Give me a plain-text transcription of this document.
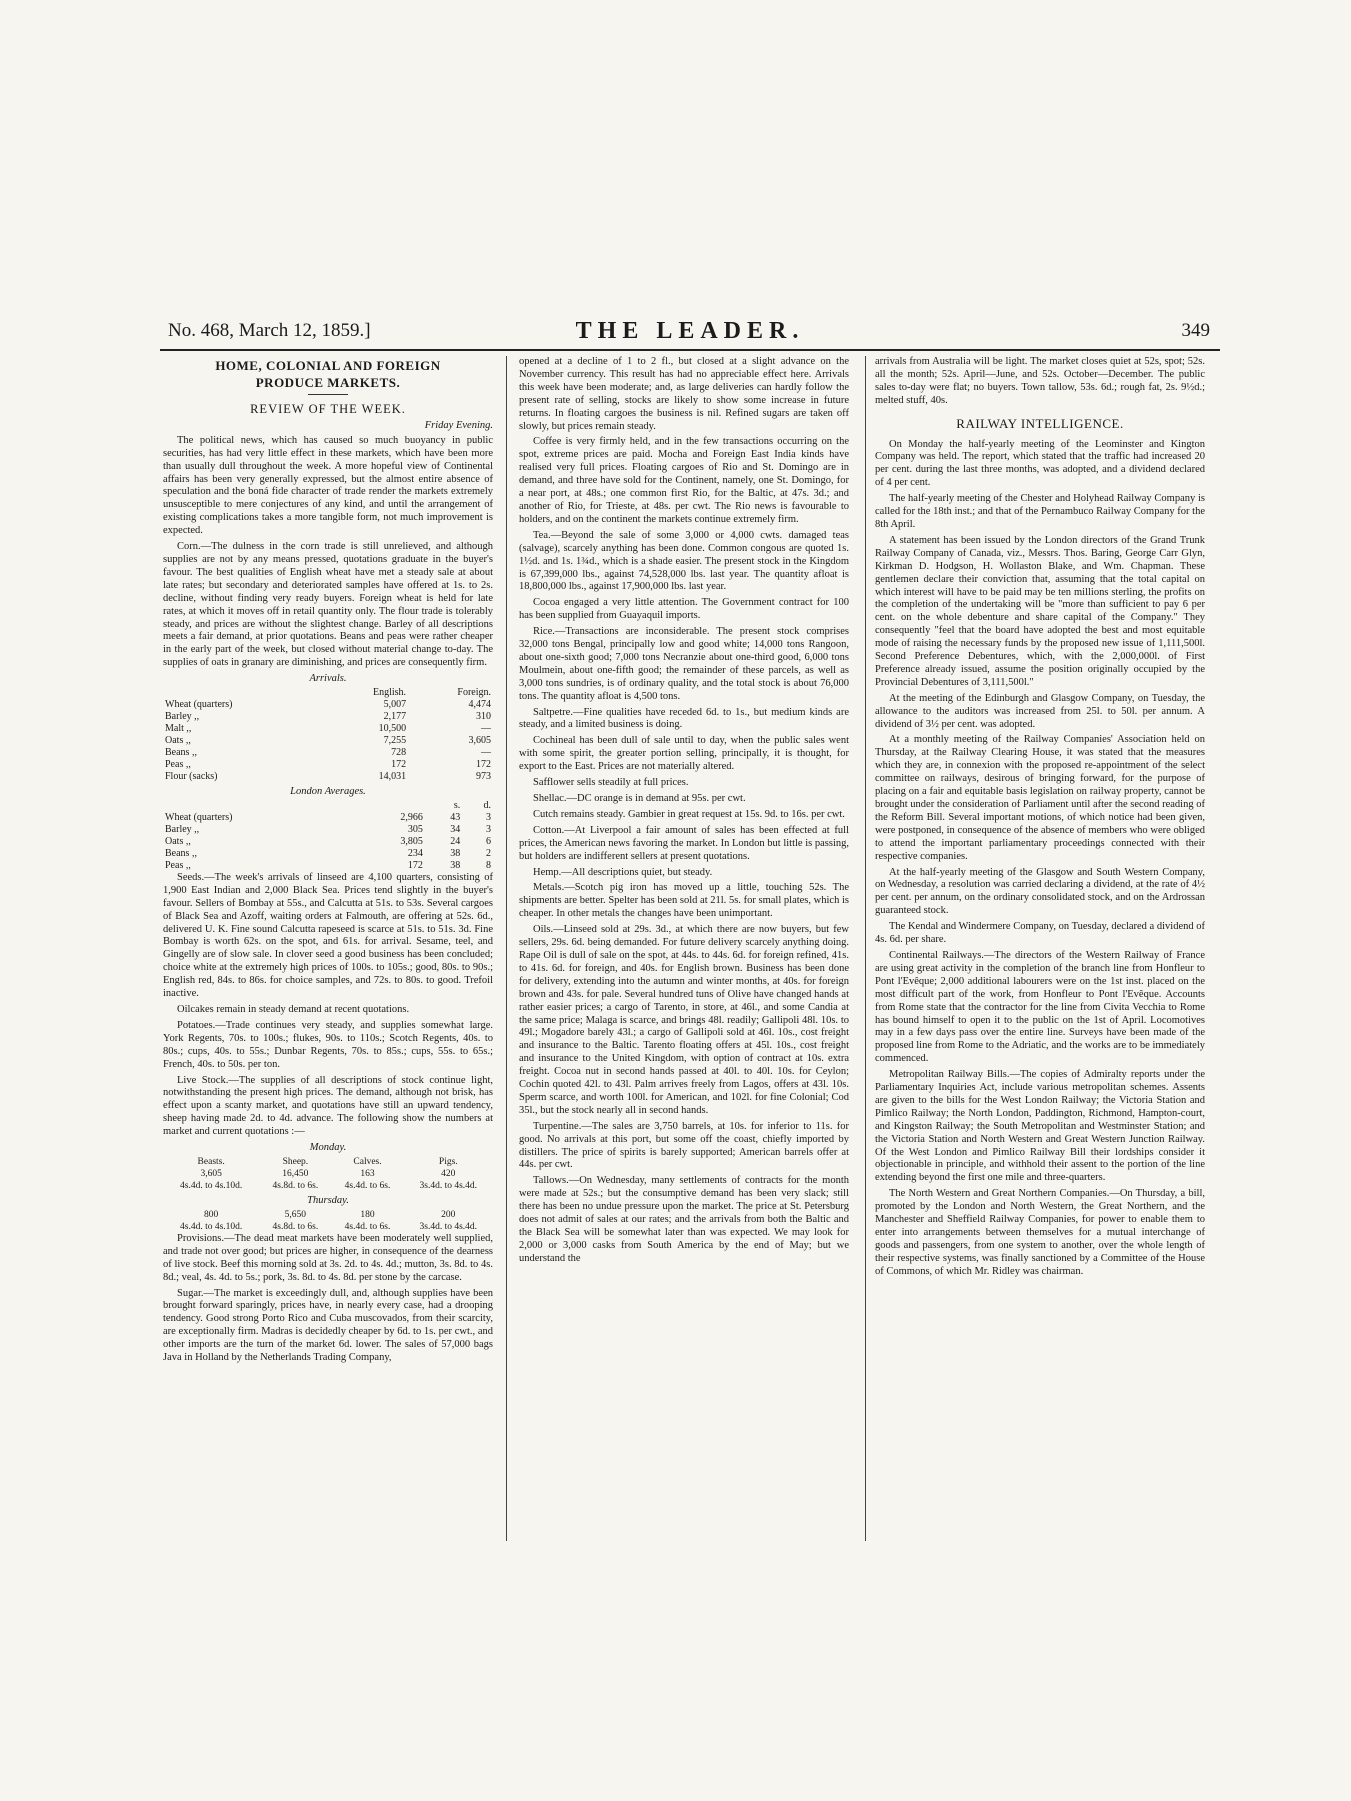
No. 468, March 12, 1859.]	THE LEADER.	349
HOME, COLONIAL AND FOREIGN
PRODUCE MARKETS.
REVIEW OF THE WEEK.
Friday Evening.

The political news, which has caused so much buoyancy in public securities, has had very little effect in these markets, which have been more than usually dull throughout the week. A more hopeful view of Continental affairs has been very generally expressed, but the almost entire absence of speculation and the boná fide character of trade render the markets extremely unsusceptible to mere conjectures of any kind, and until the arrangement of existing complications takes a more tangible form, not much improvement is expected.

Corn.—The dulness in the corn trade is still unrelieved, and although supplies are not by any means pressed, quotations graduate in the buyer's favour. The best qualities of English wheat have met a steady sale at about late rates; but secondary and deteriorated samples have offered at 1s. to 2s. decline, without finding very ready buyers. Foreign wheat is held for late rates, at which it moves off in retail quantity only. The flour trade is tolerably steady, and prices are without the slightest change. Barley of all descriptions meets a fair demand, at prior quotations. Beans and peas were rather cheaper in the early part of the week, but closed without material change to-day. The supplies of oats in granary are diminishing, and prices are consequently firm.

Arrivals.
	English.	Foreign.
Wheat (quarters)	5,007	4,474
Barley ,,	2,177	310
Malt ,,	10,500	—
Oats ,,	7,255	3,605
Beans ,,	728	—
Peas ,,	172	172
Flour (sacks)	14,031	973
London Averages.
		s.	d.
Wheat (quarters)	2,966	43	3
Barley ,,	305	34	3
Oats ,,	3,805	24	6
Beans ,,	234	38	2
Peas ,,	172	38	8

Seeds.—The week's arrivals of linseed are 4,100 quarters, consisting of 1,900 East Indian and 2,000 Black Sea. Prices tend slightly in the buyer's favour. Sellers of Bombay at 55s., and Calcutta at 51s. to 53s. Several cargoes of Black Sea and Azoff, waiting orders at Falmouth, are offering at 52s. 6d., delivered U. K. Fine sound Calcutta rapeseed is scarce at 51s. to 51s. 3d. Fine Bombay is worth 62s. on the spot, and 61s. for arrival. Sesame, teel, and Gingelly are of slow sale. In clover seed a good business has been concluded; choice white at the extremely high prices of 100s. to 105s.; good, 80s. to 90s.; English red, 84s. to 86s. for choice samples, and 72s. to 80s. to good. Trefoil inactive.

Oilcakes remain in steady demand at recent quotations.

Potatoes.—Trade continues very steady, and supplies somewhat large. York Regents, 70s. to 100s.; flukes, 90s. to 110s.; Scotch Regents, 40s. to 80s.; cups, 40s. to 55s.; Dunbar Regents, 70s. to 85s.; cups, 55s. to 65s.; French, 40s. to 50s. per ton.

Live Stock.—The supplies of all descriptions of stock continue light, notwithstanding the present high prices. The demand, although not brisk, has effect upon a scanty market, and quotations have still an upward tendency, sheep having made 2d. to 4d. advance. The following show the numbers at market and current quotations :—

Monday.
Beasts.	Sheep.	Calves.	Pigs.
3,605	16,450	163	420
4s.4d. to 4s.10d.	4s.8d. to 6s.	4s.4d. to 6s.	3s.4d. to 4s.4d.
Thursday.
800	5,650	180	200
4s.4d. to 4s.10d.	4s.8d. to 6s.	4s.4d. to 6s.	3s.4d. to 4s.4d.

Provisions.—The dead meat markets have been moderately well supplied, and trade not over good; but prices are higher, in consequence of the dearness of live stock. Beef this morning sold at 3s. 2d. to 4s. 4d.; mutton, 3s. 8d. to 4s. 8d.; veal, 4s. 4d. to 5s.; pork, 3s. 8d. to 4s. 8d. per stone by the carcase.

Sugar.—The market is exceedingly dull, and, although supplies have been brought forward sparingly, prices have, in nearly every case, had a drooping tendency. Good strong Porto Rico and Cuba muscovados, from their scarcity, are exceptionally firm. Madras is decidedly cheaper by 6d. to 1s. per cwt., and other imports are the turn of the market 6d. lower. The sales of 57,000 bags Java in Holland by the Netherlands Trading Company,

opened at a decline of 1 to 2 fl., but closed at a slight advance on the November currency. This result has had no appreciable effect here. Arrivals this week have been moderate; and, as large deliveries can hardly follow the present rate of selling, stocks are likely to show some increase in future returns. In floating cargoes the business is nil. Refined sugars are taken off slowly, but prices remain steady.

Coffee is very firmly held, and in the few transactions occurring on the spot, extreme prices are paid. Mocha and Foreign East India kinds have realised very full prices. Floating cargoes of Rio and St. Domingo are in demand, and three have sold for the Continent, namely, one St. Domingo, for a near port, at 48s.; one common first Rio, for the Baltic, at 47s. 3d.; and another of Rio, for Trieste, at 48s. per cwt. The Rio news is favourable to holders, and on the continent the markets continue extremely firm.

Tea.—Beyond the sale of some 3,000 or 4,000 cwts. damaged teas (salvage), scarcely anything has been done. Common congous are quoted 1s. 1½d. and 1s. 1¾d., which is a shade easier. The present stock in the Kingdom is 67,399,000 lbs., against 74,528,000 lbs. last year. The quantity afloat is 18,800,000 lbs., against 17,900,000 lbs. last year.

Cocoa engaged a very little attention. The Government contract for 100 has been supplied from Guayaquil imports.

Rice.—Transactions are inconsiderable. The present stock comprises 32,000 tons Bengal, principally low and good white; 14,000 tons Rangoon, about one-sixth good; 7,000 tons Necranzie about one-third good, 6,000 tons Moulmein, about one-fifth good; the remainder of these parcels, as well as 3,000 tons sundries, is of ordinary quality, and the total stock is about 76,000 tons. The quantity afloat is 4,500 tons.

Saltpetre.—Fine qualities have receded 6d. to 1s., but medium kinds are steady, and a limited business is doing.

Cochineal has been dull of sale until to day, when the public sales went with some spirit, the greater portion selling, principally, it is thought, for export to the East. Prices are not materially altered.

Safflower sells steadily at full prices.

Shellac.—DC orange is in demand at 95s. per cwt.

Cutch remains steady. Gambier in great request at 15s. 9d. to 16s. per cwt.

Cotton.—At Liverpool a fair amount of sales has been effected at full prices, the American news favoring the market. In London but little is passing, but holders are indifferent sellers at present quotations.

Hemp.—All descriptions quiet, but steady.

Metals.—Scotch pig iron has moved up a little, touching 52s. The shipments are better. Spelter has been sold at 21l. 5s. for small plates, which is cheaper. In other metals the changes have been unimportant.

Oils.—Linseed sold at 29s. 3d., at which there are now buyers, but few sellers, 29s. 6d. being demanded. For future delivery scarcely anything doing. Rape Oil is dull of sale on the spot, at 44s. to 44s. 6d. for foreign refined, 41s. to 41s. 6d. for foreign, and 40s. for English brown. Business has been done for delivery, extending into the autumn and winter months, at 40s. for foreign brown and 43s. for pale. Several hundred tuns of Olive have changed hands at rather easier prices; a cargo of Tarento, in store, at 46l., and some Candia at the same price; Malaga is scarce, and brings 48l. readily; Gallipoli 48l. 10s. to 49l.; Mogadore barely 43l.; a cargo of Gallipoli sold at 46l. 10s., cost freight and insurance to the Baltic. Tarento floating offers at 45l. 10s., cost freight and insurance to the United Kingdom, with option of contract at 10s. extra freight. Cocoa nut in second hands passed at 40l. to 40l. 10s. for Ceylon; Cochin quoted 42l. to 43l. Palm arrives freely from Lagos, offers at 43l. 10s. Sperm scarce, and worth 100l. for American, and 102l. for fine Colonial; Cod 35l., but the stock nearly all in second hands.

Turpentine.—The sales are 3,750 barrels, at 10s. for inferior to 11s. for good. No arrivals at this port, but some off the coast, chiefly imported by distillers. The price of spirits is barely supported; American barrels offer at 44s. per cwt.

Tallows.—On Wednesday, many settlements of contracts for the month were made at 52s.; but the consumptive demand has been very slack; still there has been no undue pressure upon the market. The price at St. Petersburg does not admit of sales at our rates; and the arrivals from both the Baltic and the Black Sea will be somewhat later than was expected. We may look for 2,000 or 3,000 casks from South America by the end of May; but we understand the

arrivals from Australia will be light. The market closes quiet at 52s, spot; 52s. all the month; 52s. April—June, and 52s. October—December. The public sales to-day were flat; no buyers. Town tallow, 53s. 6d.; rough fat, 2s. 9½d.; melted stuff, 40s.

RAILWAY INTELLIGENCE.

On Monday the half-yearly meeting of the Leominster and Kington Company was held. The report, which stated that the traffic had increased 20 per cent. during the last three months, was adopted, and a dividend declared of 4 per cent.

The half-yearly meeting of the Chester and Holyhead Railway Company is called for the 18th inst.; and that of the Pernambuco Railway Company for the 8th April.

A statement has been issued by the London directors of the Grand Trunk Railway Company of Canada, viz., Messrs. Thos. Baring, George Carr Glyn, Kirkman D. Hodgson, H. Wollaston Blake, and Wm. Chapman. These gentlemen declare their conviction that, assuming that the total capital on which interest will have to be paid may be ten millions sterling, the profits on the completion of the undertaking will be "more than sufficient to pay 6 per cent. on the whole debenture and share capital of the Company." They consequently "feel that the board have adopted the best and most equitable mode of raising the necessary funds by the proposed new issue of 1,111,500l. Second Preference Debentures, which, with the 2,000,000l. of First Preference already issued, assume the position originally occupied by the Provincial Debentures of 3,111,500l."

At the meeting of the Edinburgh and Glasgow Company, on Tuesday, the allowance to the auditors was increased from 25l. to 50l. per annum. A dividend of 3½ per cent. was adopted.

At a monthly meeting of the Railway Companies' Association held on Thursday, at the Railway Clearing House, it was stated that the measures which they are, in connexion with the proposed re-appointment of the select committee on railways, desirous of bringing forward, for the purpose of placing on a fair and equitable basis legislation on railway property, cannot be brought under the consideration of Parliament until after the second reading of the Reform Bill. Several important motions, of which notice had been given, were postponed, in consequence of the absence of members who were obliged to attend the important parliamentary proceedings connected with their respective companies.

At the half-yearly meeting of the Glasgow and South Western Company, on Wednesday, a resolution was carried declaring a dividend, at the rate of 4½ per cent. per annum, on the ordinary consolidated stock, and on the Ardrossan guaranteed stock.

The Kendal and Windermere Company, on Tuesday, declared a dividend of 4s. 6d. per share.

Continental Railways.—The directors of the Western Railway of France are using great activity in the completion of the branch line from Honfleur to Pont l'Evêque; 2,000 additional labourers were on the 1st inst. placed on the most difficult part of the work, from Honfleur to Pont l'Evêque. Accounts from Rome state that the contractor for the line from Civita Vecchia to Rome has bound himself to open it to the public on the 1st of April. Locomotives may in a few days pass over the entire line. Surveys have been made of the proposed line from Rome to the Adriatic, and the works are to be immediately commenced.

Metropolitan Railway Bills.—The copies of Admiralty reports under the Parliamentary Inquiries Act, include various metropolitan schemes. Assents are given to the bills for the West London Railway; the Victoria Station and Pimlico Railway; the North London, Paddington, Richmond, Hampton-court, and Kingston Railway; the South Metropolitan and Westminster Station; and the Victoria Station and North Western and Great Western Junction Railway. Of the West London and Pimlico Railway Bill their lordships consider it objectionable in principle, and withhold their assent to the portion of the line extending beyond the first one mile and three-quarters.

The North Western and Great Northern Companies.—On Thursday, a bill, promoted by the London and North Western, the Great Northern, and the Manchester and Sheffield Railway Companies, for power to enable them to enter into arrangements between themselves for a mutual interchange of goods and passengers, from one system to another, over the whole length of their respective systems, was finally sanctioned by a Committee of the House of Commons, of which Mr. Ridley was chairman.
